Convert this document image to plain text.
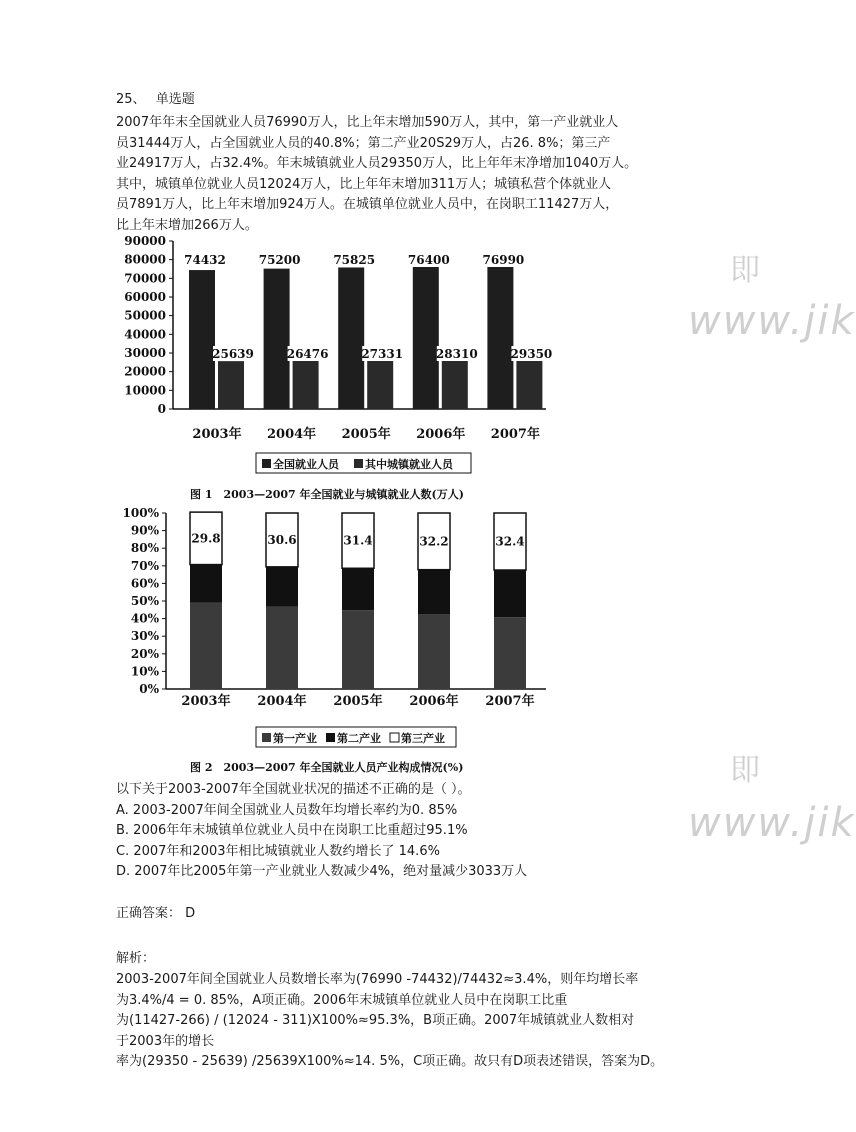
25、 单选题
2007年年末全国就业人员76990万人，比上年末增加590万人，其中，第一产业就业人
员31444万人，占全国就业人员的40.8%；第二产业20S29万人，占26. 8%；第三产
业24917万人，占32.4%。年末城镇就业人员29350万人，比上年年末净增加1040万人。
其中，城镇单位就业人员12024万人，比上年年末增加311万人；城镇私营个体就业人
员7891万人，比上年末增加924万人。在城镇单位就业人员中，在岗职工11427万人，
比上年末增加266万人。
0
10000
20000
30000
40000
50000
60000
70000
80000
90000
74432
25639
2003年
75200
26476
2004年
75825
27331
2005年
76400
28310
2006年
76990
29350
2007年
全国就业人员 其中城镇就业人员
图 1　2003—2007 年全国就业与城镇就业人数(万人)
0%
10%
20%
30%
40%
50%
60%
70%
80%
90%
100%
29.8
2003年
30.6
2004年
31.4
2005年
32.2
2006年
32.4
2007年
第一产业 第二产业 第三产业
图 2　2003—2007 年全国就业人员产业构成情况(%)
www.jik
www.jik
即
即
以下关于2003-2007年全国就业状况的描述不正确的是（ ）。
A. 2003-2007年间全国就业人员数年均增长率约为0. 85%
B. 2006年年末城镇单位就业人员中在岗职工比重超过95.1%
C. 2007年和2003年相比城镇就业人数约增长了 14.6%
D. 2007年比2005年第一产业就业人数减少4%，绝对量减少3033万人
正确答案： D
解析：
2003-2007年间全国就业人员数增长率为(76990 -74432)/74432≈3.4%，则年均增长率
为3.4%/4 = 0. 85%，A项正确。2006年末城镇单位就业人员中在岗职工比重
为(11427-266) / (12024 - 311)X100%≈95.3%，B项正确。2007年城镇就业人数相对
于2003年的增长
率为(29350 - 25639) /25639X100%≈14. 5%，C项正确。故只有D项表述错误，答案为D。
